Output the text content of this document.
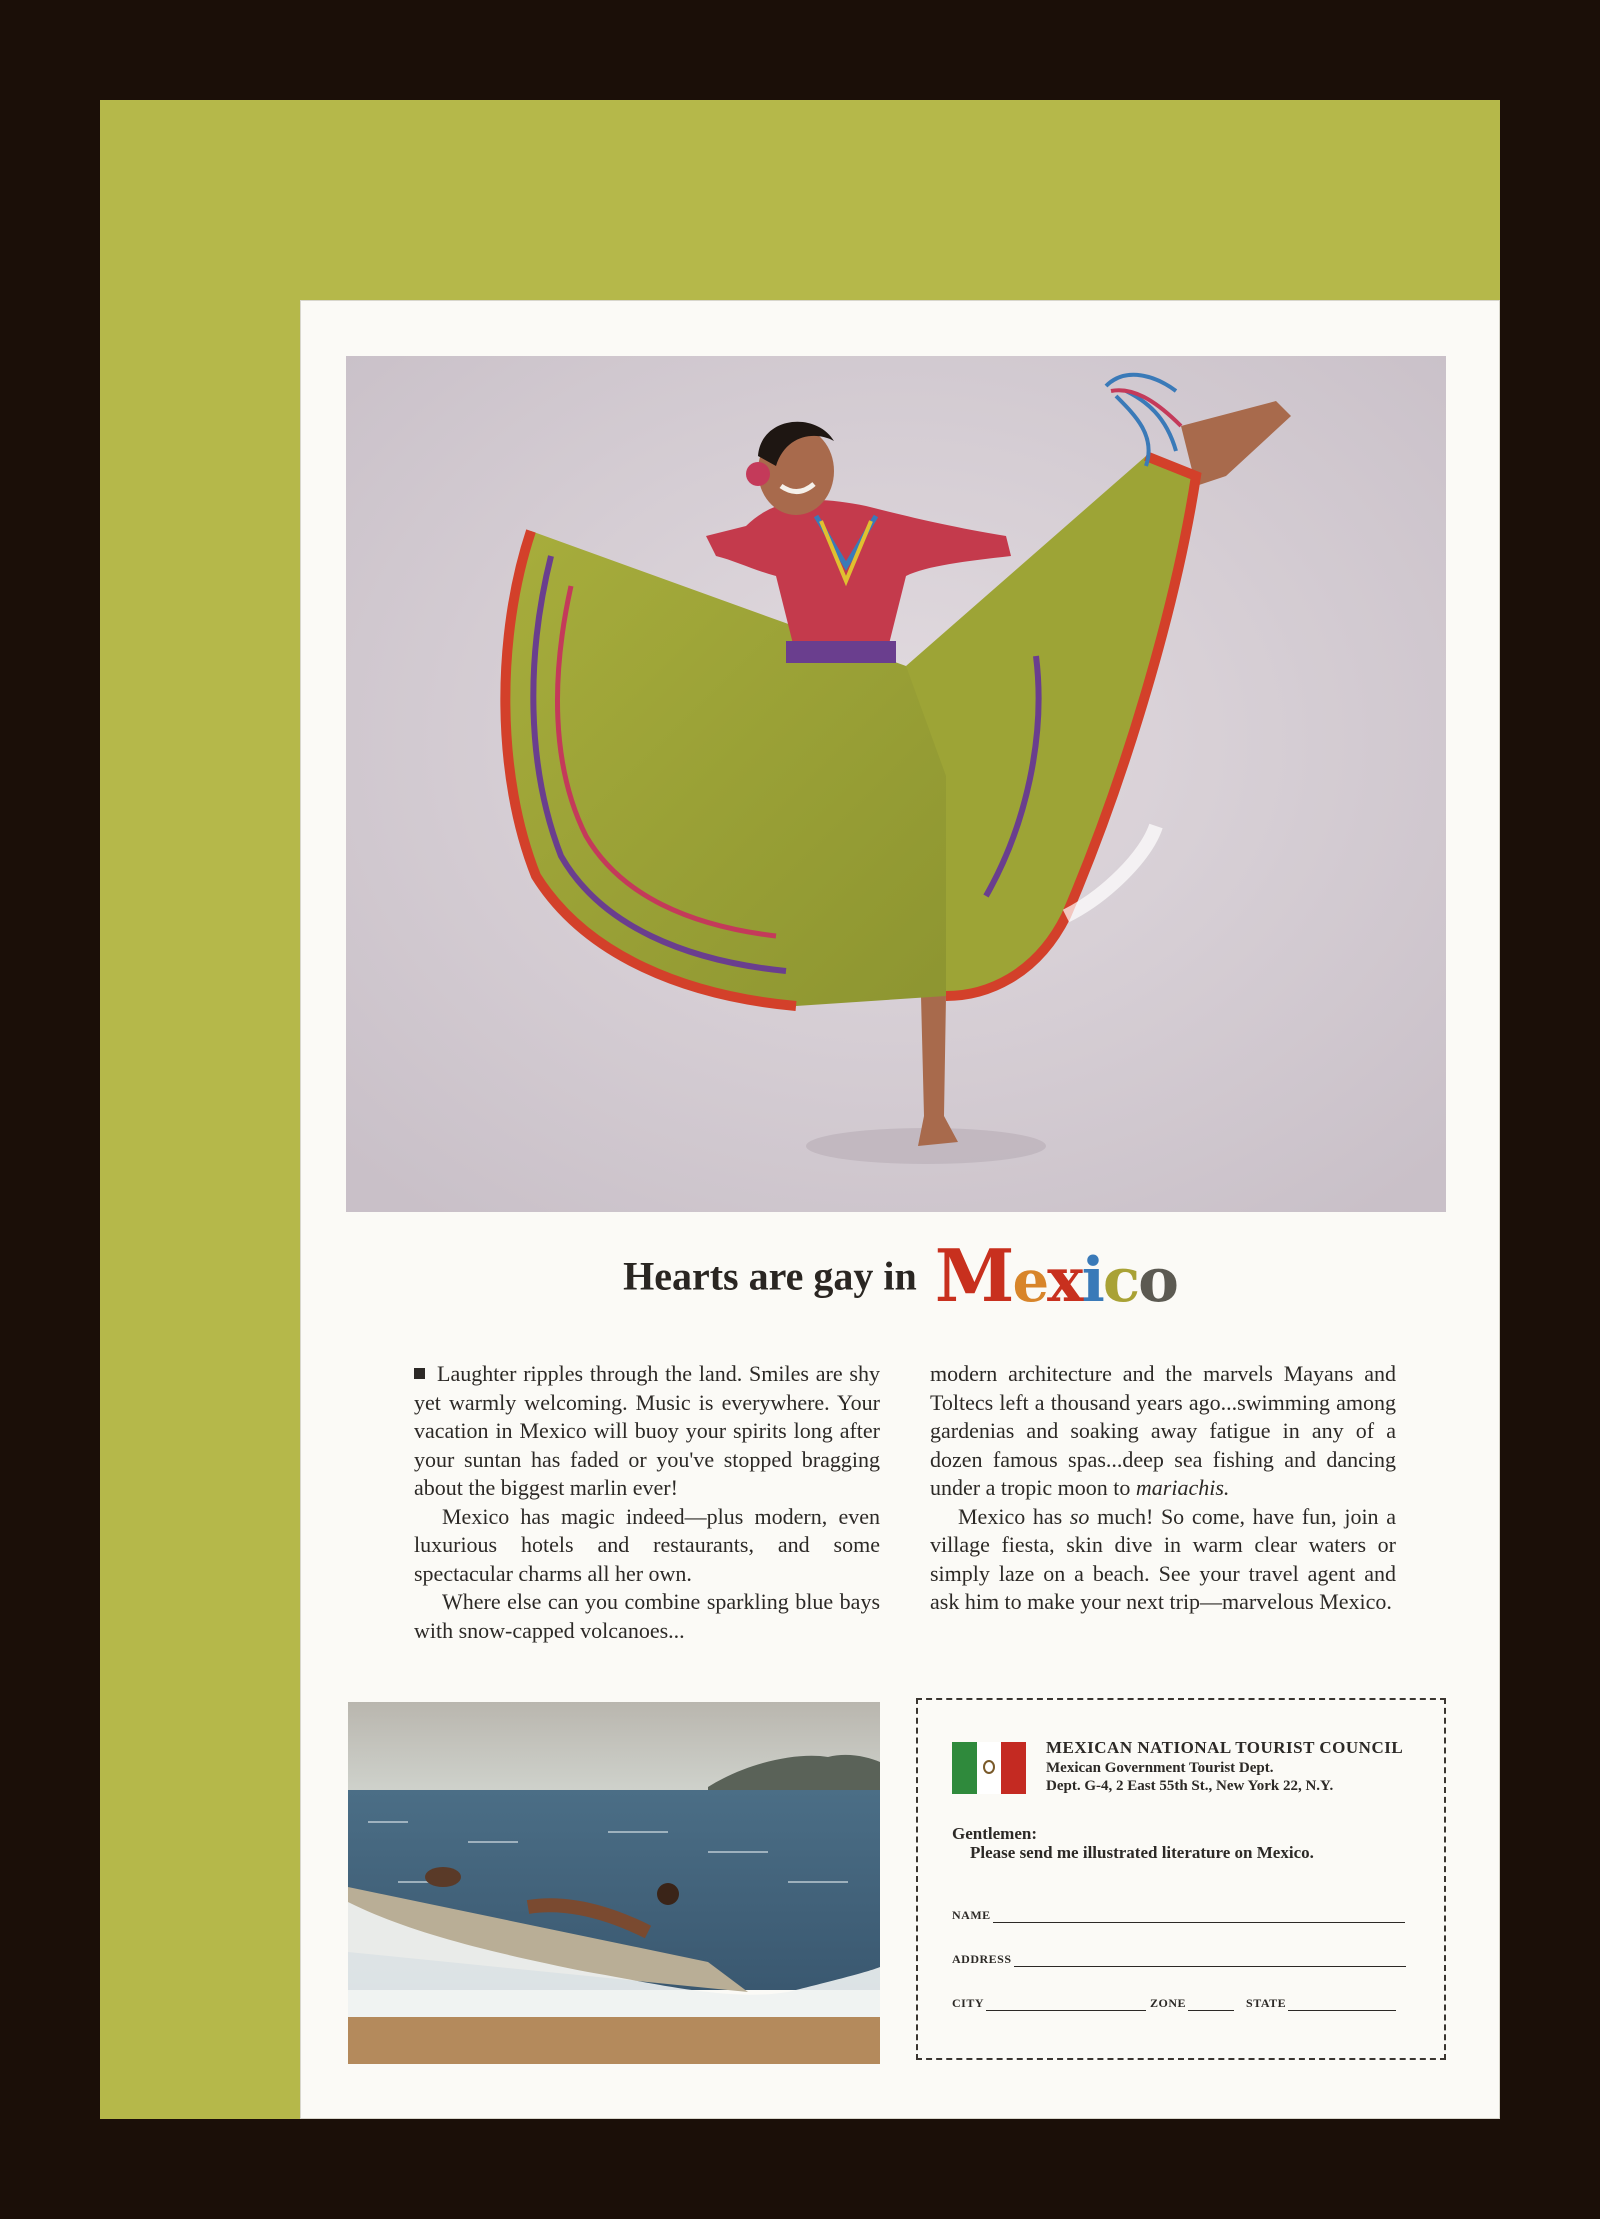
Hearts are gay in Mexico

Laughter ripples through the land. Smiles are shy yet warmly welcoming. Music is everywhere. Your vacation in Mexico will buoy your spirits long after your suntan has faded or you've stopped bragging about the biggest marlin ever!

Mexico has magic indeed—plus modern, even luxurious hotels and restaurants, and some spectacular charms all her own.

Where else can you combine sparkling blue bays with snow-capped volcanoes...

modern architecture and the marvels Mayans and Toltecs left a thousand years ago...swimming among gardenias and soaking away fatigue in any of a dozen famous spas...deep sea fishing and dancing under a tropic moon to mariachis.

Mexico has so much! So come, have fun, join a village fiesta, skin dive in warm clear waters or simply laze on a beach. See your travel agent and ask him to make your next trip—marvelous Mexico.

MEXICAN NATIONAL TOURIST COUNCIL
Mexican Government Tourist Dept.
Dept. G-4, 2 East 55th St., New York 22, N.Y.
Gentlemen:
Please send me illustrated literature on Mexico.
NAME
ADDRESS
CITY	ZONE	STATE
